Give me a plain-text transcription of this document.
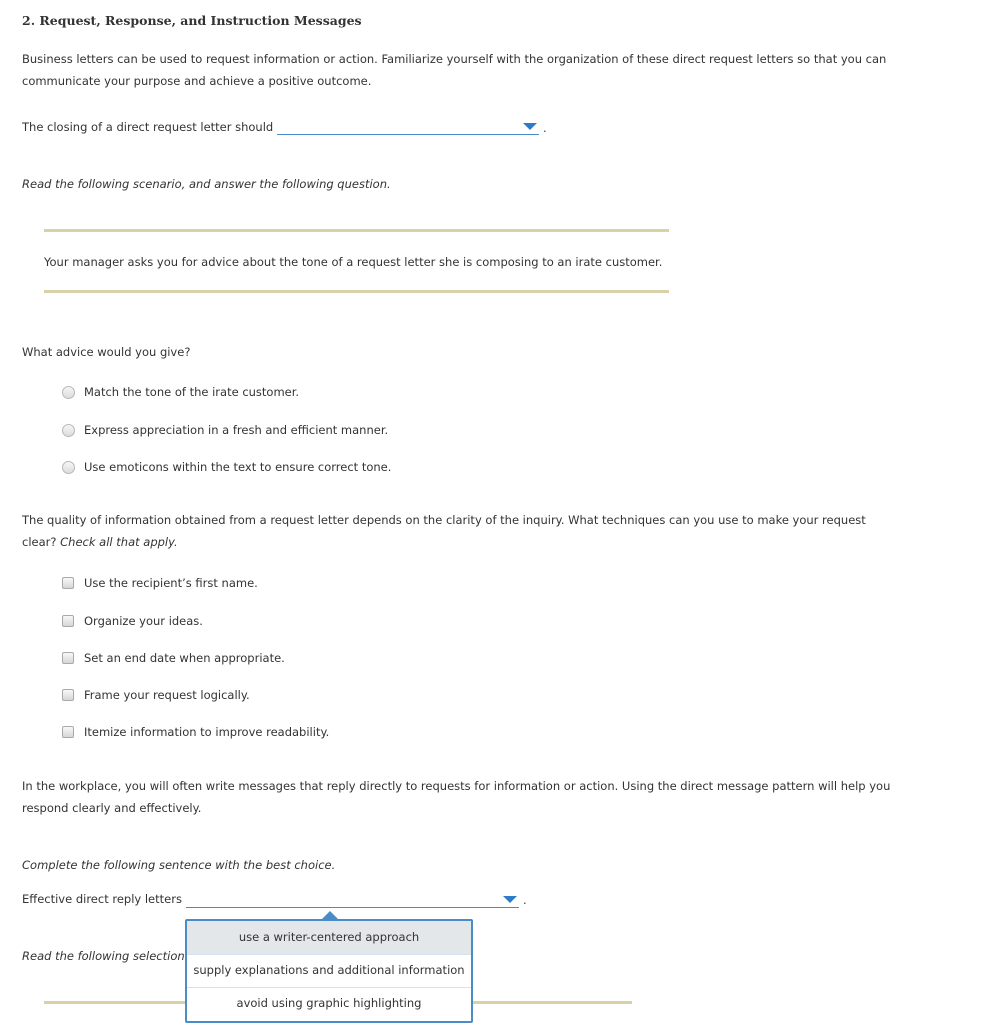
2. Request, Response, and Instruction Messages
Business letters can be used to request information or action. Familiarize yourself with the organization of these direct request letters so that you can
communicate your purpose and achieve a positive outcome.
The closing of a direct request letter should	.
Read the following scenario, and answer the following question.
Your manager asks you for advice about the tone of a request letter she is composing to an irate customer.
What advice would you give?
Match the tone of the irate customer.
Express appreciation in a fresh and efficient manner.
Use emoticons within the text to ensure correct tone.
The quality of information obtained from a request letter depends on the clarity of the inquiry. What techniques can you use to make your request
clear? Check all that apply.
Use the recipient’s first name.
Organize your ideas.
Set an end date when appropriate.
Frame your request logically.
Itemize information to improve readability.
In the workplace, you will often write messages that reply directly to requests for information or action. Using the direct message pattern will help you
respond clearly and effectively.
Complete the following sentence with the best choice.
Effective direct reply letters	.
Read the following selection
use a writer-centered approach
supply explanations and additional information
avoid using graphic highlighting
